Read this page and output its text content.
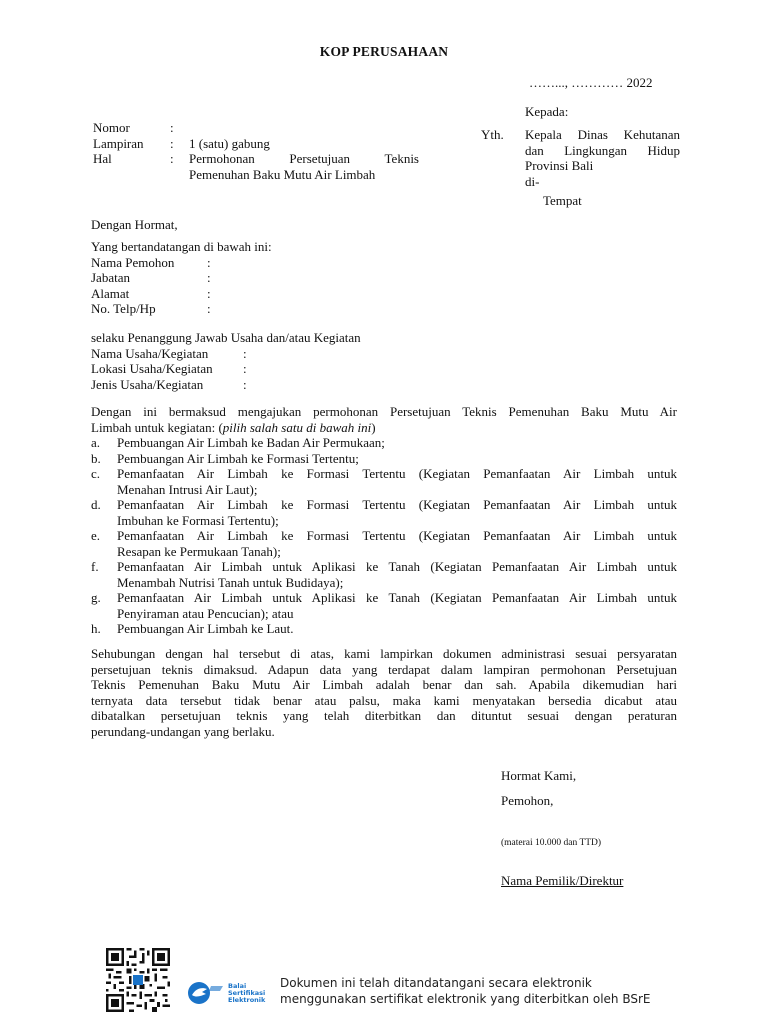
KOP PERUSAHAAN
……..., ………… 2022
Kepada:
Yth. Kepala Dinas Kehutanan
dan Lingkungan Hidup
Provinsi Bali
di-
Tempat
Nomor	:
Lampiran	:	1 (satu) gabung
Hal	:	Permohonan Persetujuan Teknis
Pemenuhan Baku Mutu Air Limbah
Dengan Hormat,
Yang bertandatangan di bawah ini:
Nama Pemohon	:
Jabatan	:
Alamat	:
No. Telp/Hp	:
selaku Penanggung Jawab Usaha dan/atau Kegiatan
Nama Usaha/Kegiatan	:
Lokasi Usaha/Kegiatan	:
Jenis Usaha/Kegiatan	:
Dengan ini bermaksud mengajukan permohonan Persetujuan Teknis Pemenuhan Baku Mutu Air
Limbah untuk kegiatan: (pilih salah satu di bawah ini)
a.	Pembuangan Air Limbah ke Badan Air Permukaan;
b.	Pembuangan Air Limbah ke Formasi Tertentu;
c.	Pemanfaatan Air Limbah ke Formasi Tertentu (Kegiatan Pemanfaatan Air Limbah untuk
Menahan Intrusi Air Laut);
d.	Pemanfaatan Air Limbah ke Formasi Tertentu (Kegiatan Pemanfaatan Air Limbah untuk
Imbuhan ke Formasi Tertentu);
e.	Pemanfaatan Air Limbah ke Formasi Tertentu (Kegiatan Pemanfaatan Air Limbah untuk
Resapan ke Permukaan Tanah);
f.	Pemanfaatan Air Limbah untuk Aplikasi ke Tanah (Kegiatan Pemanfaatan Air Limbah untuk
Menambah Nutrisi Tanah untuk Budidaya);
g.	Pemanfaatan Air Limbah untuk Aplikasi ke Tanah (Kegiatan Pemanfaatan Air Limbah untuk
Penyiraman atau Pencucian); atau
h.	Pembuangan Air Limbah ke Laut.
Sehubungan dengan hal tersebut di atas, kami lampirkan dokumen administrasi sesuai persyaratan
persetujuan teknis dimaksud. Adapun data yang terdapat dalam lampiran permohonan Persetujuan
Teknis Pemenuhan Baku Mutu Air Limbah adalah benar dan sah. Apabila dikemudian hari
ternyata data tersebut tidak benar atau palsu, maka kami menyatakan bersedia dicabut atau
dibatalkan persetujuan teknis yang telah diterbitkan dan dituntut sesuai dengan peraturan
perundang-undangan yang berlaku.
Hormat Kami,
Pemohon,
(materai 10.000 dan TTD)
Nama Pemilik/Direktur
Balai
Sertifikasi
Elektronik
Dokumen ini telah ditandatangani secara elektronik
menggunakan sertifikat elektronik yang diterbitkan oleh BSrE
